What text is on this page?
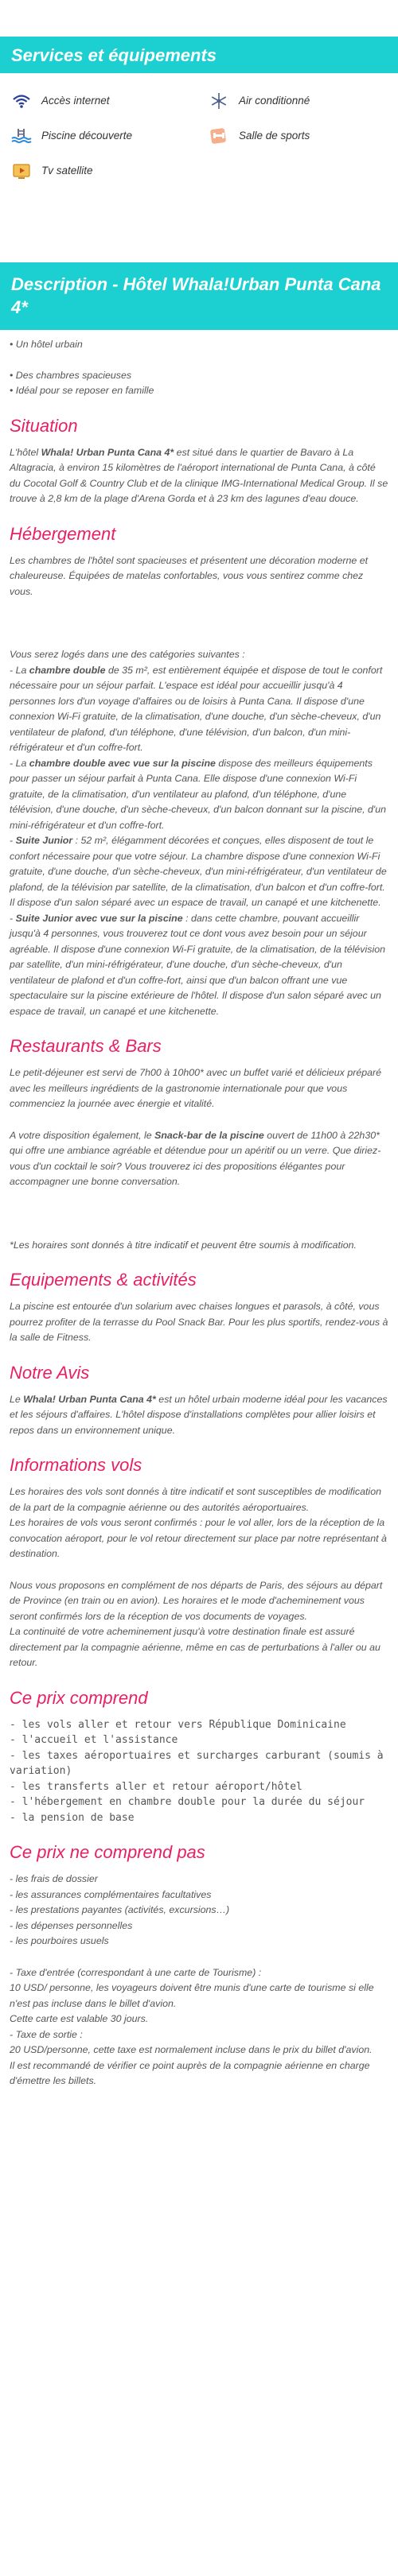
Services et équipements
Accès internet	Air conditionné
Piscine découverte	Salle de sports
Tv satellite
Description - Hôtel Whala!Urban Punta Cana 4*
• Un hôtel urbain
• Des chambres spacieuses
• Idéal pour se reposer en famille
Situation

L'hôtel Whala! Urban Punta Cana 4* est situé dans le quartier de Bavaro à La Altagracia, à environ 15 kilomètres de l'aéroport international de Punta Cana, à côté du Cocotal Golf & Country Club et de la clinique IMG-International Medical Group. Il se trouve à 2,8 km de la plage d'Arena Gorda et à 23 km des lagunes d'eau douce.

Hébergement

Les chambres de l'hôtel sont spacieuses et présentent une décoration moderne et chaleureuse. Équipées de matelas confortables, vous vous sentirez comme chez vous.

Vous serez logés dans une des catégories suivantes :

- La chambre double de 35 m², est entièrement équipée et dispose de tout le confort nécessaire pour un séjour parfait. L'espace est idéal pour accueillir jusqu'à 4 personnes lors d'un voyage d'affaires ou de loisirs à Punta Cana. Il dispose d'une connexion Wi-Fi gratuite, de la climatisation, d'une douche, d'un sèche-cheveux, d'un ventilateur de plafond, d'un téléphone, d'une télévision, d'un balcon, d'un mini-réfrigérateur et d'un coffre-fort.

- La chambre double avec vue sur la piscine dispose des meilleurs équipements pour passer un séjour parfait à Punta Cana. Elle dispose d'une connexion Wi-Fi gratuite, de la climatisation, d'un ventilateur au plafond, d'un téléphone, d'une télévision, d'une douche, d'un sèche-cheveux, d'un balcon donnant sur la piscine, d'un mini-réfrigérateur et d'un coffre-fort.

- Suite Junior : 52 m², élégamment décorées et conçues, elles disposent de tout le confort nécessaire pour que votre séjour. La chambre dispose d'une connexion Wi-Fi gratuite, d'une douche, d'un sèche-cheveux, d'un mini-réfrigérateur, d'un ventilateur de plafond, de la télévision par satellite, de la climatisation, d'un balcon et d'un coffre-fort. Il dispose d'un salon séparé avec un espace de travail, un canapé et une kitchenette.

- Suite Junior avec vue sur la piscine : dans cette chambre, pouvant accueillir jusqu'à 4 personnes, vous trouverez tout ce dont vous avez besoin pour un séjour agréable. Il dispose d'une connexion Wi-Fi gratuite, de la climatisation, de la télévision par satellite, d'un mini-réfrigérateur, d'une douche, d'un sèche-cheveux, d'un ventilateur de plafond et d'un coffre-fort, ainsi que d'un balcon offrant une vue spectaculaire sur la piscine extérieure de l'hôtel. Il dispose d'un salon séparé avec un espace de travail, un canapé et une kitchenette.

Restaurants & Bars

Le petit-déjeuner est servi de 7h00 à 10h00* avec un buffet varié et délicieux préparé avec les meilleurs ingrédients de la gastronomie internationale pour que vous commenciez la journée avec énergie et vitalité.

A votre disposition également, le Snack-bar de la piscine ouvert de 11h00 à 22h30* qui offre une ambiance agréable et détendue pour un apéritif ou un verre. Que diriez-vous d'un cocktail le soir? Vous trouverez ici des propositions élégantes pour accompagner une bonne conversation.

*Les horaires sont donnés à titre indicatif et peuvent être soumis à modification.

Equipements & activités

La piscine est entourée d'un solarium avec chaises longues et parasols, à côté, vous pourrez profiter de la terrasse du Pool Snack Bar. Pour les plus sportifs, rendez-vous à la salle de Fitness.

Notre Avis

Le Whala! Urban Punta Cana 4* est un hôtel urbain moderne idéal pour les vacances et les séjours d'affaires. L'hôtel dispose d'installations complètes pour allier loisirs et repos dans un environnement unique.

Informations vols

Les horaires des vols sont donnés à titre indicatif et sont susceptibles de modification de la part de la compagnie aérienne ou des autorités aéroportuaires.

Les horaires de vols vous seront confirmés : pour le vol aller, lors de la réception de la convocation aéroport, pour le vol retour directement sur place par notre représentant à destination.

Nous vous proposons en complément de nos départs de Paris, des séjours au départ de Province (en train ou en avion). Les horaires et le mode d'acheminement vous seront confirmés lors de la réception de vos documents de voyages.

La continuité de votre acheminement jusqu'à votre destination finale est assuré directement par la compagnie aérienne, même en cas de perturbations à l'aller ou au retour.

Ce prix comprend
- les vols aller et retour vers République Dominicaine
- l'accueil et l'assistance
- les taxes aéroportuaires et surcharges carburant (soumis à variation)
- les transferts aller et retour aéroport/hôtel
- l'hébergement en chambre double pour la durée du séjour
- la pension de base
Ce prix ne comprend pas
- les frais de dossier
- les assurances complémentaires facultatives
- les prestations payantes (activités, excursions…)
- les dépenses personnelles
- les pourboires usuels
- Taxe d'entrée (correspondant à une carte de Tourisme) :
10 USD/ personne, les voyageurs doivent être munis d'une carte de tourisme si elle n'est pas incluse dans le billet d'avion.
Cette carte est valable 30 jours.
- Taxe de sortie :
20 USD/personne, cette taxe est normalement incluse dans le prix du billet d'avion.
Il est recommandé de vérifier ce point auprès de la compagnie aérienne en charge d'émettre les billets.
